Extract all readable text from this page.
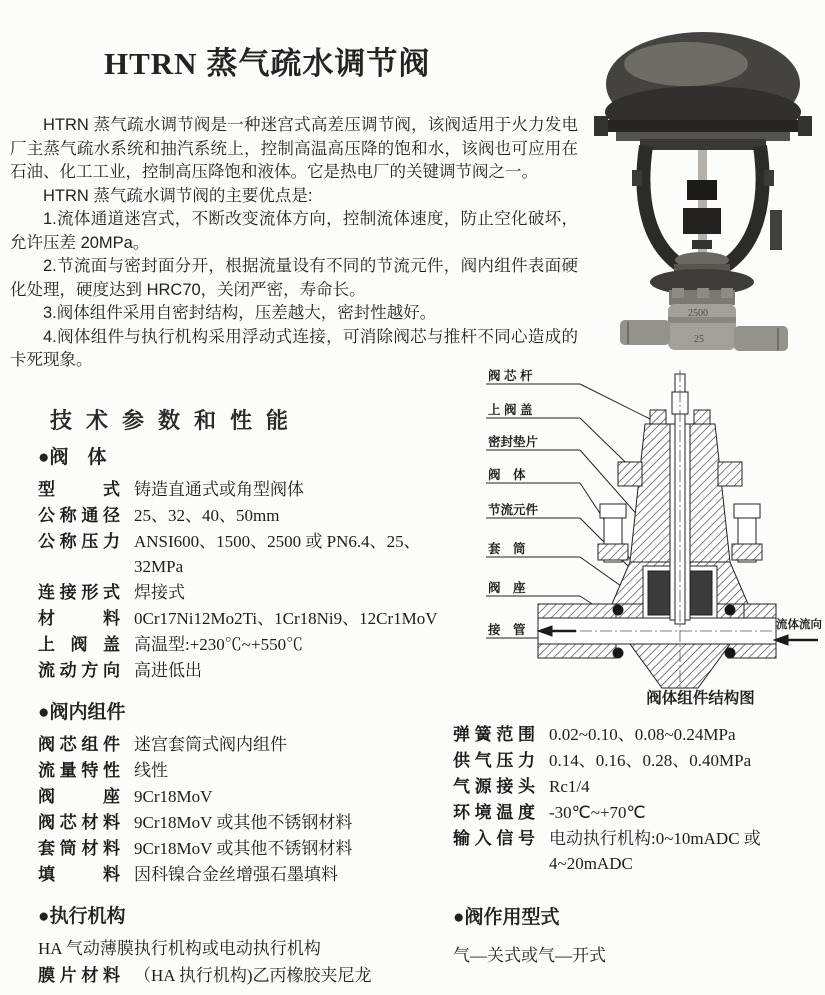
2500
25
HTRN 蒸气疏水调节阀

HTRN 蒸气疏水调节阀是一种迷宫式高差压调节阀，该阀适用于火力发电厂主蒸气疏水系统和抽汽系统上，控制高温高压降的饱和水，该阀也可应用在石油、化工工业，控制高压降饱和液体。它是热电厂的关键调节阀之一。

HTRN 蒸气疏水调节阀的主要优点是:

1.流体通道迷宫式，不断改变流体方向，控制流体速度，防止空化破坏，允许压差 20MPa。

2.节流面与密封面分开，根据流量设有不同的节流元件，阀内组件表面硬　化处理，硬度达到 HRC70，关闭严密，寿命长。

3.阀体组件采用自密封结构，压差越大，密封性越好。

4.阀体组件与执行机构采用浮动式连接，可消除阀芯与推杆不同心造成的卡死现象。

技术参数和性能
●阀　体
型式 铸造直通式或角型阀体
公称通径 25、32、40、50mm
公称压力 ANSI600、1500、2500 或 PN6.4、25、32MPa
连接形式 焊接式
材料 0Cr17Ni12Mo2Ti、1Cr18Ni9、12Cr1MoV
上阀盖 高温型:+230℃~+550℃
流动方向 高进低出
●阀内组件
阀芯组件 迷宫套筒式阀内组件
流量特性 线性
阀座 9Cr18MoV
阀芯材料 9Cr18MoV 或其他不锈钢材料
套筒材料 9Cr18MoV 或其他不锈钢材料
填料 因科镍合金丝增强石墨填料
●执行机构
HA 气动薄膜执行机构或电动执行机构
膜片材料 （HA 执行机构)乙丙橡胶夹尼龙
弹簧范围 0.02~0.10、0.08~0.24MPa
供气压力 0.14、0.16、0.28、0.40MPa
气源接头 Rc1/4
环境温度 -30℃~+70℃
输入信号 电动执行机构:0~10mADC 或 4~20mADC
●阀作用型式
气—关式或气—开式
阀 芯 杆
上 阀 盖
密封垫片
阀　体
节流元件
套　筒
阀　座
接　管	流体流向
阀体组件结构图
